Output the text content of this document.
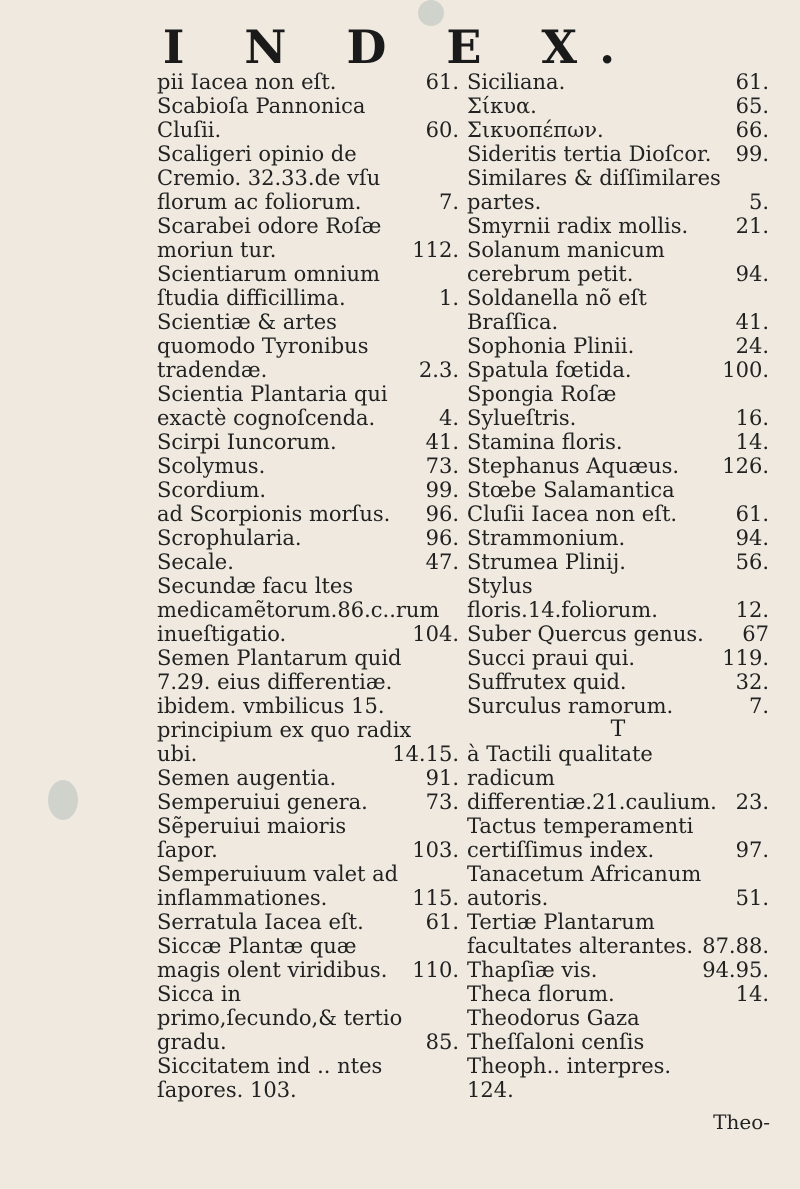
I N D E X.
pii Iacea non eſt.	61.
Scabioſa Pannonica Cluſii.	60.
Scaligeri opinio de Cremio. 32.33.de vſu florum ac foliorum.	7.
Scarabei odore Roſæ moriun tur.	112.
Scientiarum omnium ſtudia difficillima.	1.
Scientiæ & artes quomodo Tyronibus tradendæ.	2.3.
Scientia Plantaria qui exactè cognoſcenda.	4.
Scirpi Iuncorum.	41.
Scolymus.	73.
Scordium.	99.
ad Scorpionis morſus.	96.
Scrophularia.	96.
Secale.	47.
Secundæ facu ltes medicamẽtorum.86.c..rum inueſtigatio.	104.
Semen Plantarum quid 7.29. eius differentiæ. ibidem. vmbilicus 15. principium ex quo radix ubi.	14.15.
Semen augentia.	91.
Semperuiui genera.	73.
Sẽperuiui maioris ſapor.	103.
Semperuiuum valet ad inflammationes.	115.
Serratula Iacea eſt.	61.
Siccæ Plantæ quæ magis olent viridibus.	110.
Sicca in primo,ſecundo,& tertio gradu.	85.
Siccitatem ind .. ntes ſapores. 103.
Siciliana.	61.
Σίκυα.	65.
Σικυοπέπων.	66.
Sideritis tertia Dioſcor.	99.
Similares & diſſimilares partes.	5.
Smyrnii radix mollis.	21.
Solanum manicum cerebrum petit.	94.
Soldanella nõ eſt Braſſica.	41.
Sophonia Plinii.	24.
Spatula fœtida.	100.
Spongia Roſæ Sylueſtris.	16.
Stamina floris.	14.
Stephanus Aquæus.	126.
Stœbe Salamantica Cluſii Iacea non eſt.	61.
Strammonium.	94.
Strumea Plinij.	56.
Stylus floris.14.foliorum.	12.
Suber Quercus genus.	67
Succi praui qui.	119.
Suffrutex quid.	32.
Surculus ramorum.	7.
T
à Tactili qualitate radicum differentiæ.21.caulium. 23.
Tactus temperamenti certiſſimus index.	97.
Tanacetum Africanum autoris.	51.
Tertiæ Plantarum facultates alterantes. 87.88.
Thapſiæ vis.	94.95.
Theca florum.	14.
Theodorus Gaza Theſſaloni cenſis Theoph.. interpres. 124.
Theo-
